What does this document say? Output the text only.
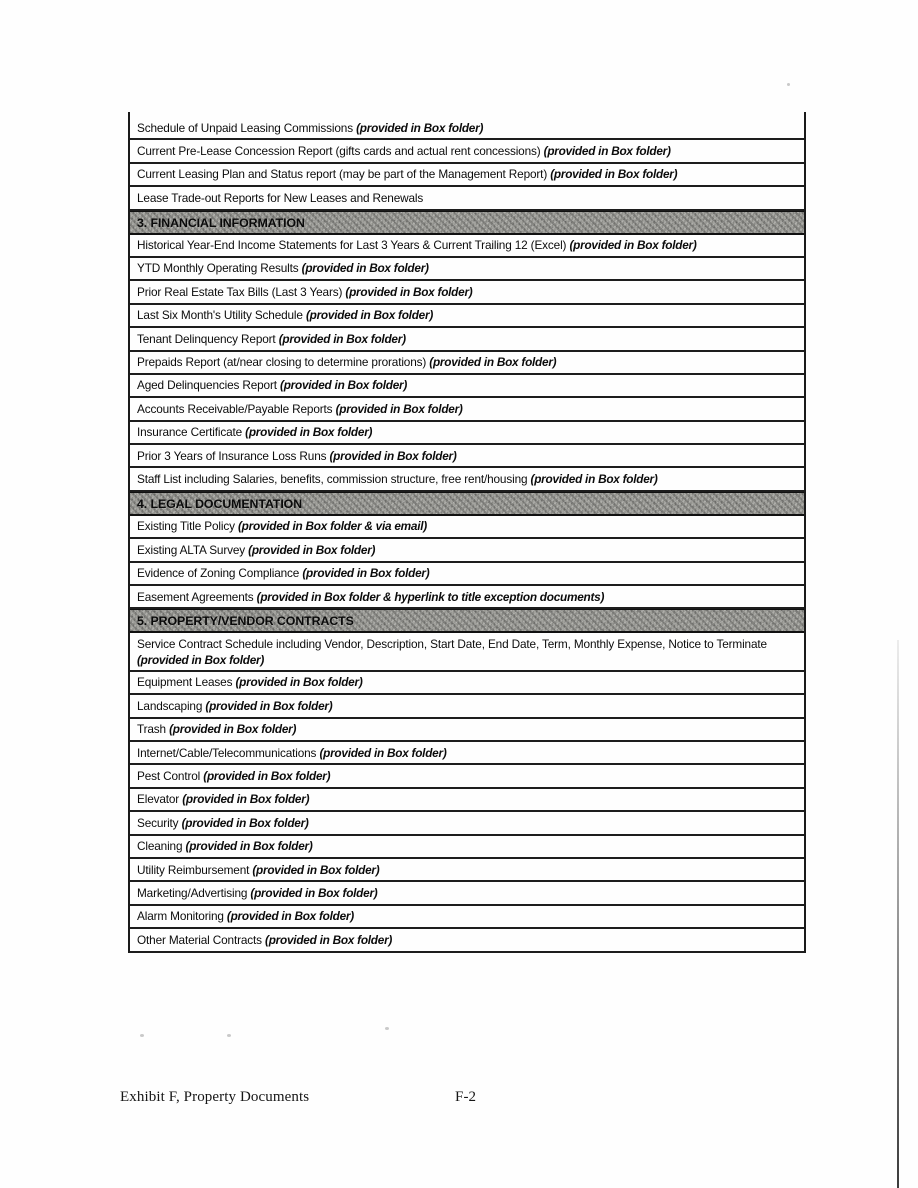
Schedule of Unpaid Leasing Commissions (provided in Box folder)
Current Pre-Lease Concession Report (gifts cards and actual rent concessions) (provided in Box folder)
Current Leasing Plan and Status report (may be part of the Management Report) (provided in Box folder)
Lease Trade-out Reports for New Leases and Renewals
3. FINANCIAL INFORMATION
Historical Year-End Income Statements for Last 3 Years & Current Trailing 12 (Excel) (provided in Box folder)
YTD Monthly Operating Results (provided in Box folder)
Prior Real Estate Tax Bills (Last 3 Years) (provided in Box folder)
Last Six Month's Utility Schedule (provided in Box folder)
Tenant Delinquency Report (provided in Box folder)
Prepaids Report (at/near closing to determine prorations) (provided in Box folder)
Aged Delinquencies Report (provided in Box folder)
Accounts Receivable/Payable Reports (provided in Box folder)
Insurance Certificate (provided in Box folder)
Prior 3 Years of Insurance Loss Runs (provided in Box folder)
Staff List including Salaries, benefits, commission structure, free rent/housing (provided in Box folder)
4. LEGAL DOCUMENTATION
Existing Title Policy (provided in Box folder & via email)
Existing ALTA Survey (provided in Box folder)
Evidence of Zoning Compliance (provided in Box folder)
Easement Agreements (provided in Box folder & hyperlink to title exception documents)
5. PROPERTY/VENDOR CONTRACTS
Service Contract Schedule including Vendor, Description, Start Date, End Date, Term, Monthly Expense, Notice to Terminate (provided in Box folder)
Equipment Leases (provided in Box folder)
Landscaping (provided in Box folder)
Trash (provided in Box folder)
Internet/Cable/Telecommunications (provided in Box folder)
Pest Control (provided in Box folder)
Elevator (provided in Box folder)
Security (provided in Box folder)
Cleaning (provided in Box folder)
Utility Reimbursement (provided in Box folder)
Marketing/Advertising (provided in Box folder)
Alarm Monitoring (provided in Box folder)
Other Material Contracts (provided in Box folder)
Exhibit F, Property Documents	F-2
